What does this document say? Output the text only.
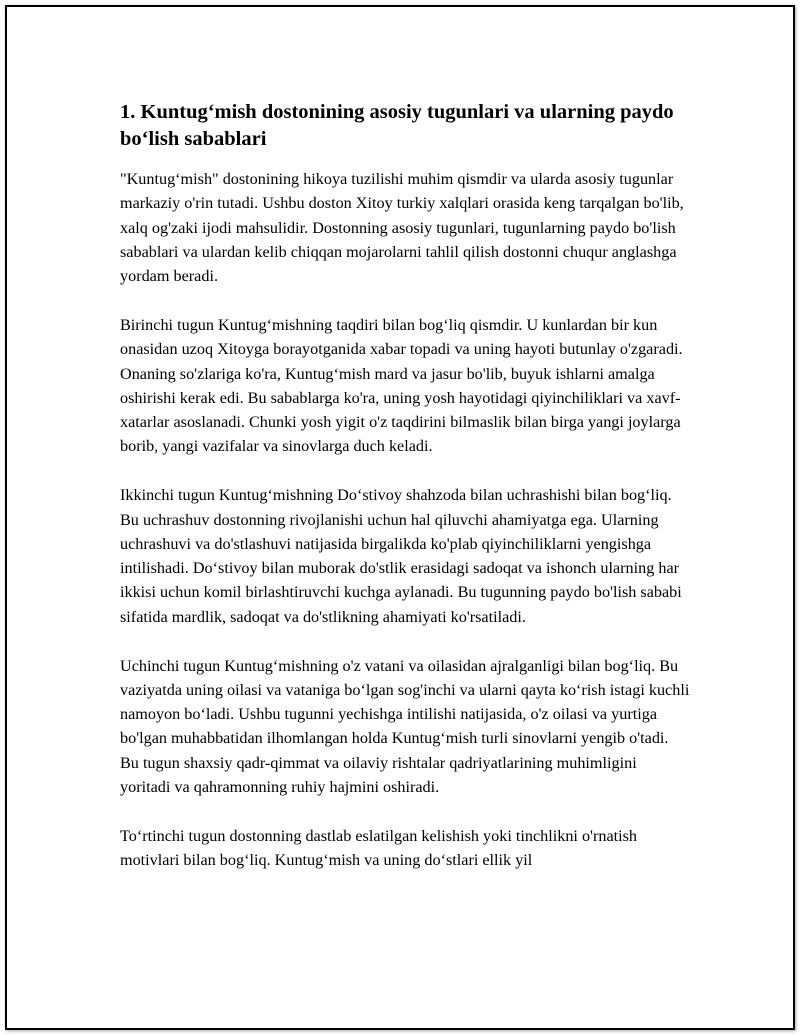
1. Kuntug‘mish dostonining asosiy tugunlari va ularning paydo bo‘lish sabablari

"Kuntug‘mish" dostonining hikoya tuzilishi muhim qismdir va ularda asosiy tugunlar markaziy o'rin tutadi. Ushbu doston Xitoy turkiy xalqlari orasida keng tarqalgan bo'lib, xalq og'zaki ijodi mahsulidir. Dostonning asosiy tugunlari, tugunlarning paydo bo'lish sabablari va ulardan kelib chiqqan mojarolarni tahlil qilish dostonni chuqur anglashga yordam beradi.

Birinchi tugun Kuntug‘mishning taqdiri bilan bog‘liq qismdir. U kunlardan bir kun onasidan uzoq Xitoyga borayotganida xabar topadi va uning hayoti butunlay o'zgaradi. Onaning so'zlariga ko'ra, Kuntug‘mish mard va jasur bo'lib, buyuk ishlarni amalga oshirishi kerak edi. Bu sabablarga ko'ra, uning yosh hayotidagi qiyinchiliklari va xavf-xatarlar asoslanadi. Chunki yosh yigit o'z taqdirini bilmaslik bilan birga yangi joylarga borib, yangi vazifalar va sinovlarga duch keladi.

Ikkinchi tugun Kuntug‘mishning Do‘stivoy shahzoda bilan uchrashishi bilan bog‘liq. Bu uchrashuv dostonning rivojlanishi uchun hal qiluvchi ahamiyatga ega. Ularning uchrashuvi va do'stlashuvi natijasida birgalikda ko'plab qiyinchiliklarni yengishga intilishadi. Do‘stivoy bilan muborak do'stlik erasidagi sadoqat va ishonch ularning har ikkisi uchun komil birlashtiruvchi kuchga aylanadi. Bu tugunning paydo bo'lish sababi sifatida mardlik, sadoqat va do'stlikning ahamiyati ko'rsatiladi.

Uchinchi tugun Kuntug‘mishning o'z vatani va oilasidan ajralganligi bilan bog‘liq. Bu vaziyatda uning oilasi va vataniga bo‘lgan sog'inchi va ularni qayta ko‘rish istagi kuchli namoyon bo‘ladi. Ushbu tugunni yechishga intilishi natijasida, o'z oilasi va yurtiga bo'lgan muhabbatidan ilhomlangan holda Kuntug‘mish turli sinovlarni yengib o'tadi. Bu tugun shaxsiy qadr-qimmat va oilaviy rishtalar qadriyatlarining muhimligini yoritadi va qahramonning ruhiy hajmini oshiradi.

To‘rtinchi tugun dostonning dastlab eslatilgan kelishish yoki tinchlikni o'rnatish motivlari bilan bog‘liq. Kuntug‘mish va uning do‘stlari ellik yil
